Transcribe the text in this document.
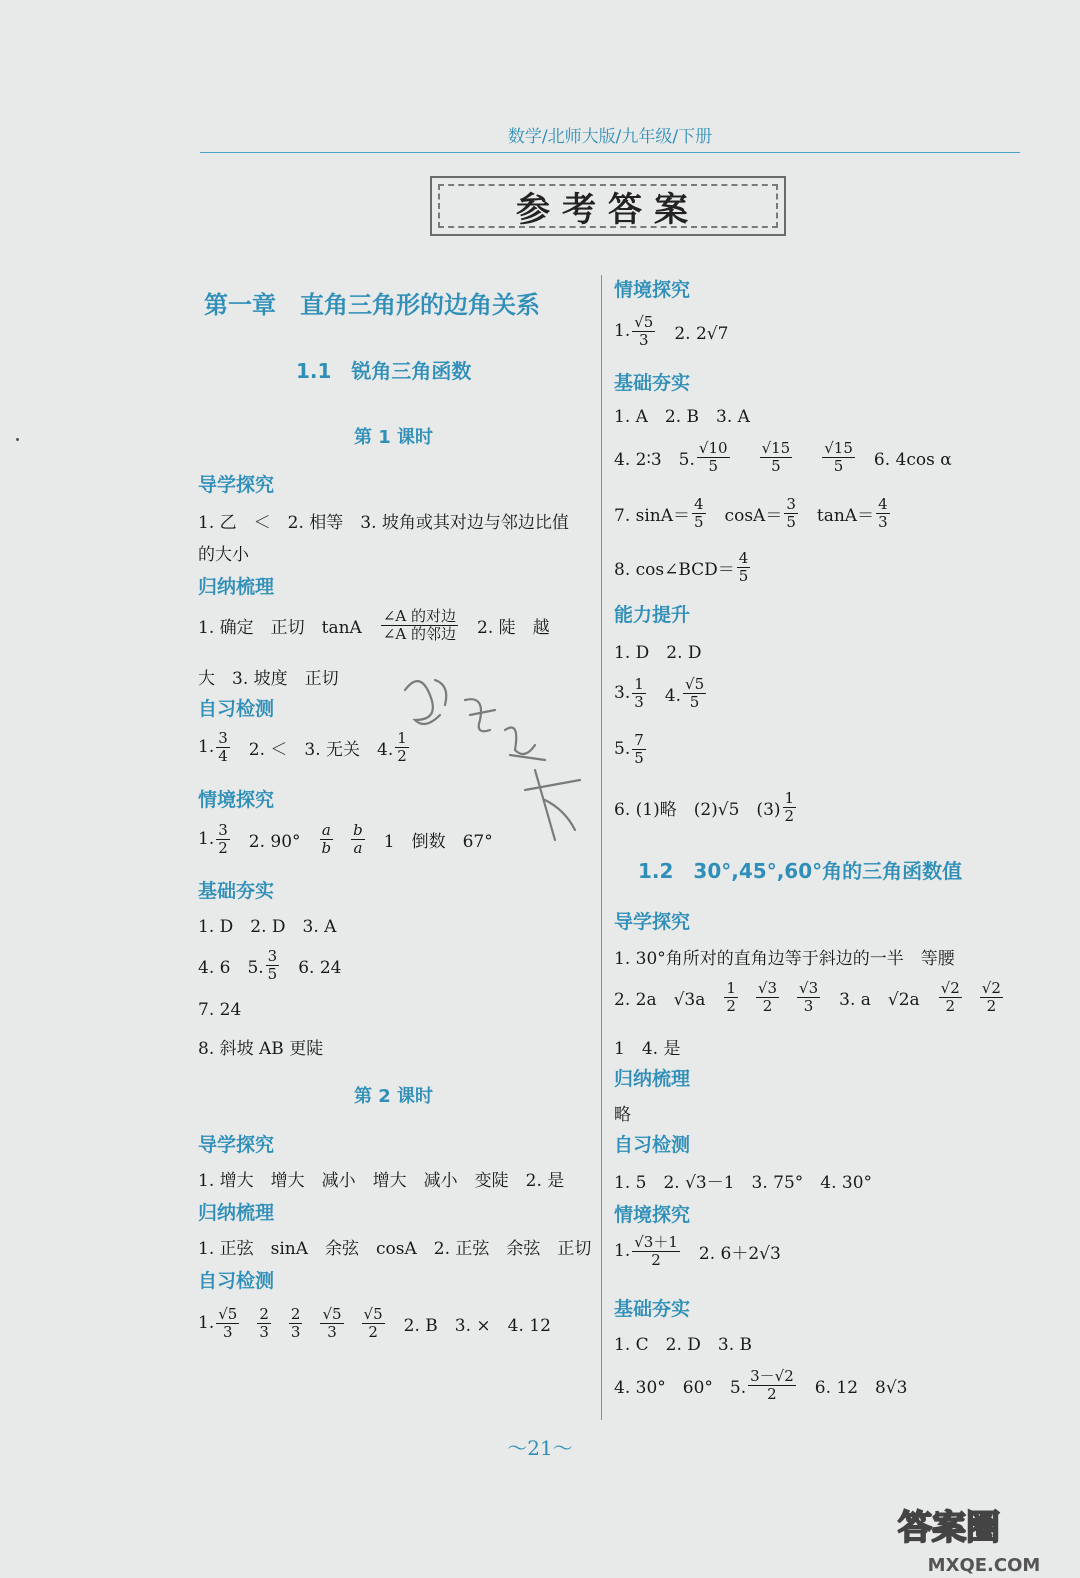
数学/北师大版/九年级/下册
参考答案
第一章　直角三角形的边角关系
1.1　锐角三角函数
第 1 课时
导学探究
1. 乙　＜　2. 相等　3. 坡角或其对边与邻边比值
的大小
归纳梳理
1. 确定　正切　tanA　 $\frac{\text{∠A 的对边}}{\text{∠A 的邻边}}$ 　2. 陡　越
大　3. 坡度　正切
自习检测
1. $\frac{3}{4}$ 　2. ＜　3. 无关　4. $\frac{1}{2}$
情境探究
1. $\frac{3}{2}$ 　2. 90°　 $\frac{a}{b} \frac{b}{a}$ 　1　倒数　67°
基础夯实
1. D　2. D　3. A
4. 6　5. $\frac{3}{5}$ 　6. 24
7. 24
8. 斜坡 AB 更陡
第 2 课时
导学探究
1. 增大　增大　减小　增大　减小　变陡　2. 是
归纳梳理
1. 正弦　sinA　余弦　cosA　2. 正弦　余弦　正切
自习检测
1. $\frac{√5}{3} \frac{2}{3} \frac{2}{3} \frac{√5}{3} \frac{√5}{2}$ 　2. B　3. ×　4. 12
情境探究
1. $\frac{√5}{3}$ 　2. 2√7
基础夯实
1. A　2. B　3. A
4. 2∶3　5. $\frac{√10}{5} \frac{√15}{5} \frac{√15}{5}$ 　6. 4cos α
7. $\sin A= \frac{4}{5}$ 　$\cos A= \frac{3}{5}$ 　$\tan A= \frac{4}{3}$
8. cos∠BCD＝ $\frac{4}{5}$
能力提升
1. D　2. D
3. $\frac{1}{3}$ 　4. $\frac{√5}{5}$
5. $\frac{7}{5}$
6. (1)略　(2)√5　$(3) \frac{1}{2}$
1.2　30°,45°,60°角的三角函数值
导学探究
1. 30°角所对的直角边等于斜边的一半　等腰
2. 2a　√3a　 $\frac{1}{2} \frac{√3}{2} \frac{√3}{3}$ 　3. a　√2a　 $\frac{√2}{2} \frac{√2}{2}$
1　4. 是
归纳梳理
略
自习检测
1. 5　2. √3－1　3. 75°　4. 30°
情境探究
1. $\frac{√3+1}{2}$ 　2. 6＋2√3
基础夯实
1. C　2. D　3. B
4. 30°　60°　5. $\frac{3-√2}{2}$ 　6. 12　8√3
～21～
答案圈
MXQE.COM
